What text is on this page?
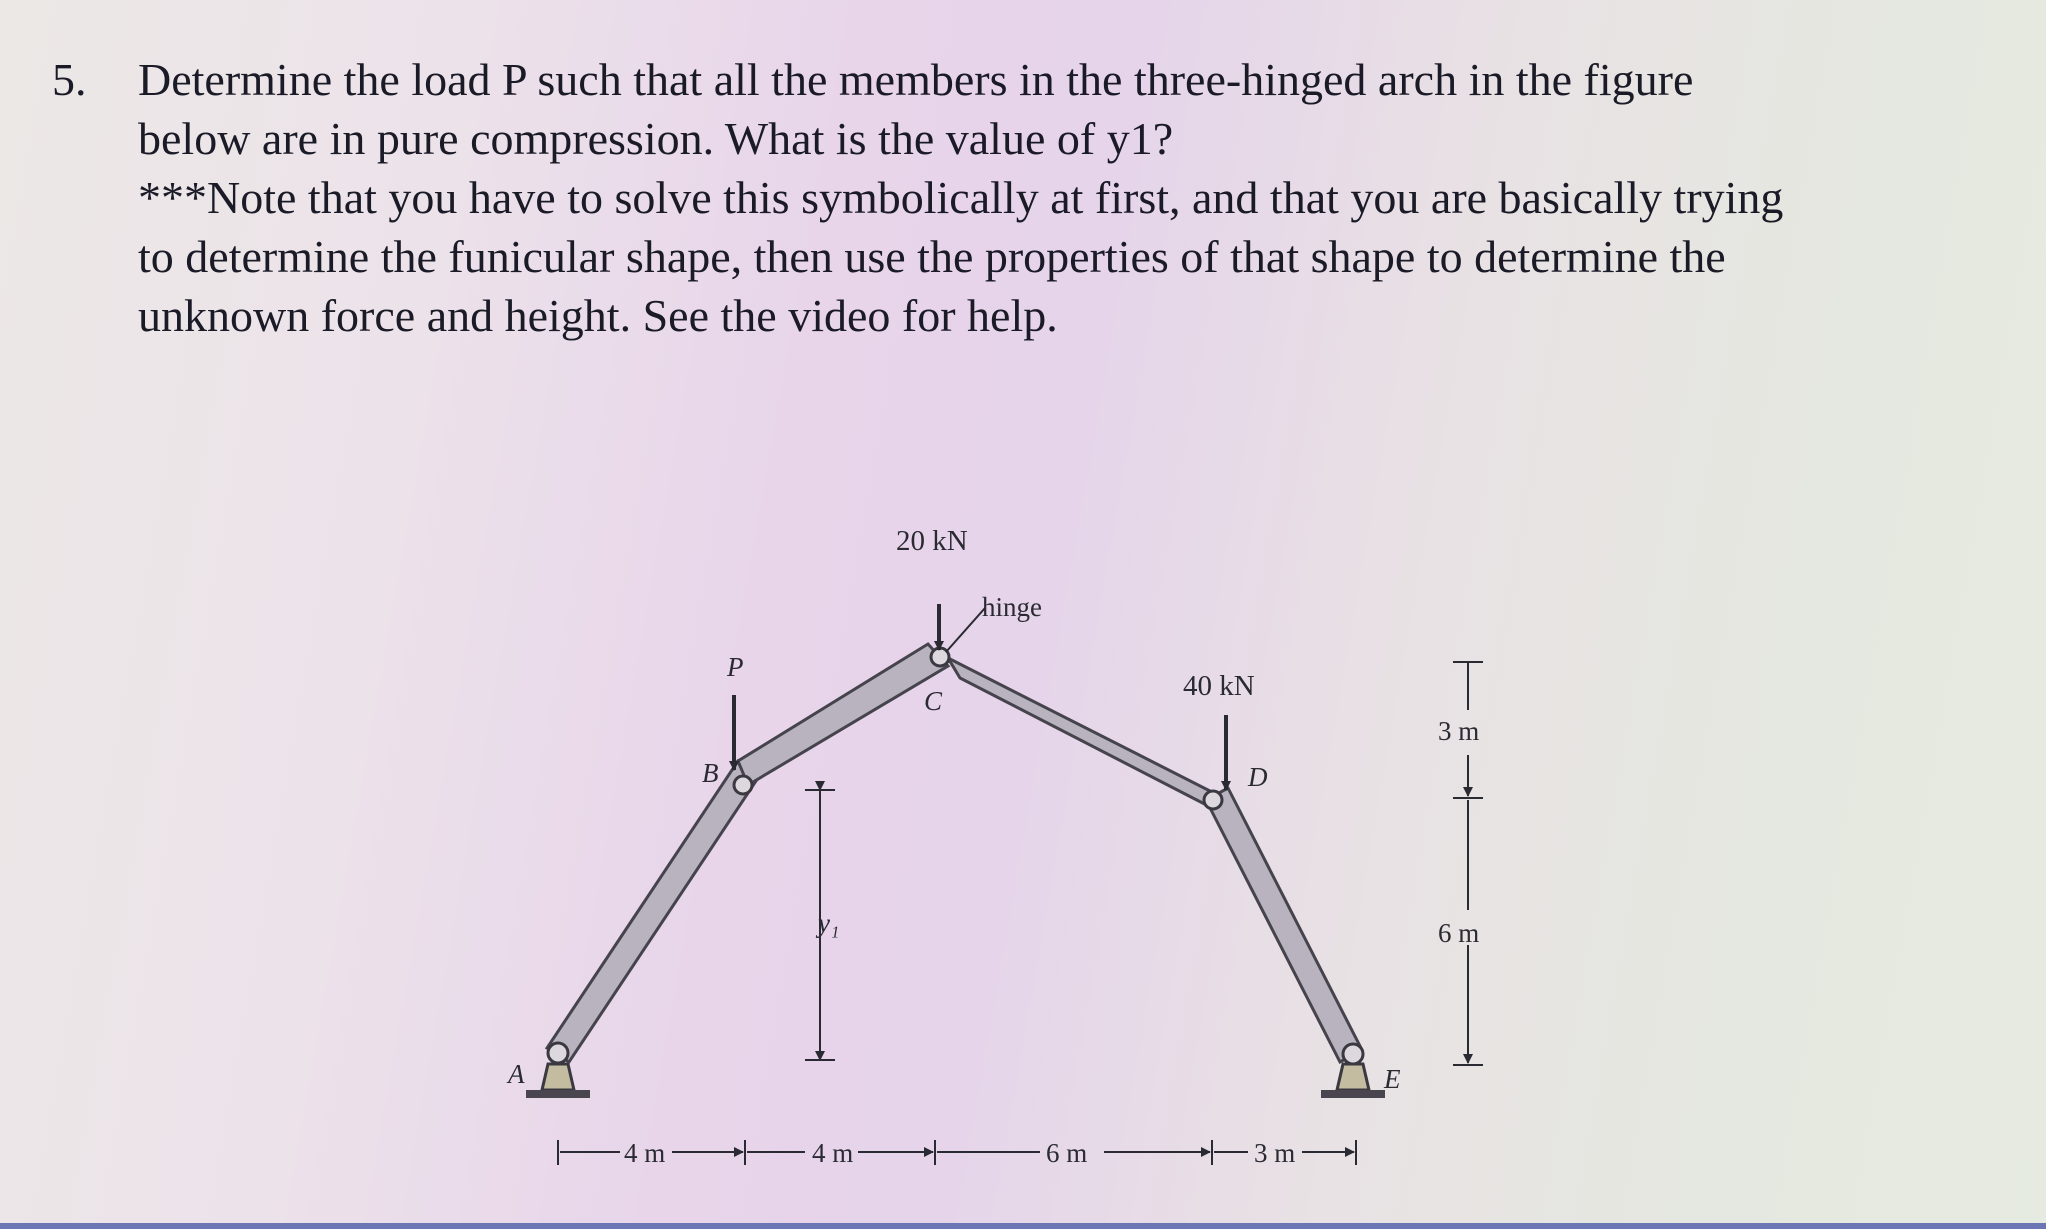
5. Determine the load P such that all the members in the three-hinged arch in the figure
below are in pure compression. What is the value of y1?
***Note that you have to solve this symbolically at first, and that you are basically trying
to determine the funicular shape, then use the properties of that shape to determine the
unknown force and height. See the video for help.
20 kN
hinge
P
40 kN
A
B
C
D
E
y₁
3 m
6 m
4 m	4 m	6 m	3 m
